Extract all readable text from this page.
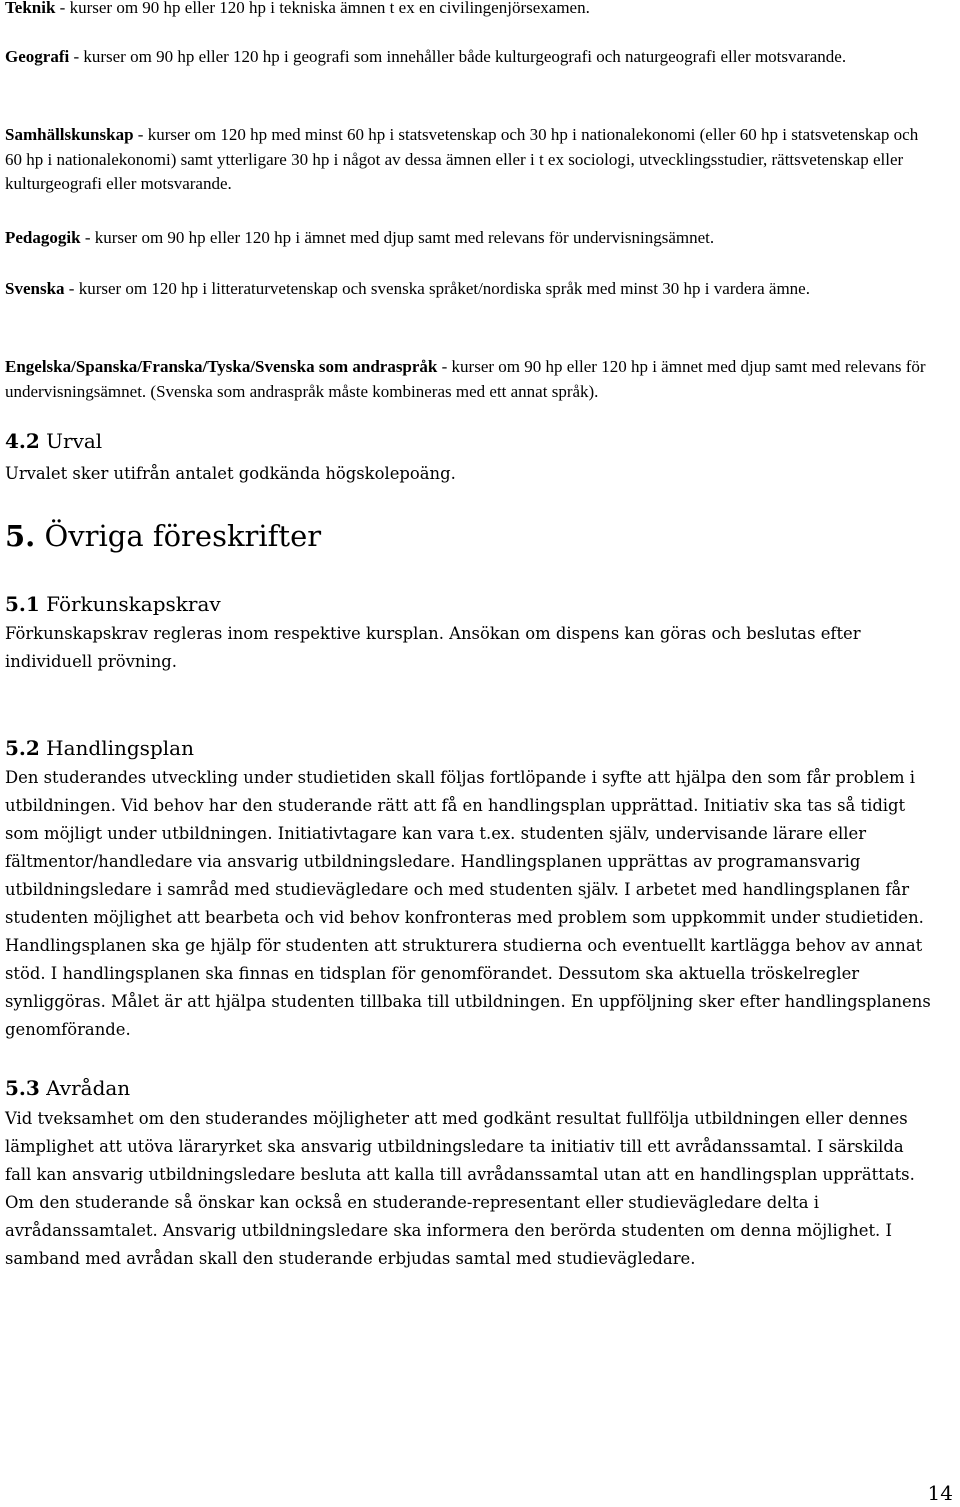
Teknik - kurser om 90 hp eller 120 hp i tekniska ämnen t ex en civilingenjörsexamen.

Geografi - kurser om 90 hp eller 120 hp i geografi som innehåller både kulturgeografi och naturgeografi eller motsvarande.

Samhällskunskap - kurser om 120 hp med minst 60 hp i statsvetenskap och 30 hp i nationalekonomi (eller 60 hp i statsvetenskap och 60 hp i nationalekonomi) samt ytterligare 30 hp i något av dessa ämnen eller i t ex sociologi, utvecklingsstudier, rättsvetenskap eller kulturgeografi eller motsvarande.

Pedagogik - kurser om 90 hp eller 120 hp i ämnet med djup samt med relevans för undervisningsämnet.

Svenska - kurser om 120 hp i litteraturvetenskap och svenska språket/nordiska språk med minst 30 hp i vardera ämne.

Engelska/Spanska/Franska/Tyska/Svenska som andraspråk - kurser om 90 hp eller 120 hp i ämnet med djup samt med relevans för undervisningsämnet. (Svenska som andraspråk måste kombineras med ett annat språk).

4.2 Urval

Urvalet sker utifrån antalet godkända högskolepoäng.

5. Övriga föreskrifter
5.1 Förkunskapskrav

Förkunskapskrav regleras inom respektive kursplan. Ansökan om dispens kan göras och beslutas efter individuell prövning.

5.2 Handlingsplan

Den studerandes utveckling under studietiden skall följas fortlöpande i syfte att hjälpa den som får problem i utbildningen. Vid behov har den studerande rätt att få en handlingsplan upprättad. Initiativ ska tas så tidigt som möjligt under utbildningen. Initiativtagare kan vara t.ex. studenten själv, undervisande lärare eller fältmentor/handledare via ansvarig utbildningsledare. Handlingsplanen upprättas av programansvarig utbildningsledare i samråd med studievägledare och med studenten själv. I arbetet med handlingsplanen får studenten möjlighet att bearbeta och vid behov konfronteras med problem som uppkommit under studietiden. Handlingsplanen ska ge hjälp för studenten att strukturera studierna och eventuellt kartlägga behov av annat stöd. I handlingsplanen ska finnas en tidsplan för genomförandet. Dessutom ska aktuella tröskelregler synliggöras. Målet är att hjälpa studenten tillbaka till utbildningen. En uppföljning sker efter handlingsplanens genomförande.

5.3 Avrådan

Vid tveksamhet om den studerandes möjligheter att med godkänt resultat fullfölja utbildningen eller dennes lämplighet att utöva läraryrket ska ansvarig utbildningsledare ta initiativ till ett avrådanssamtal. I särskilda fall kan ansvarig utbildningsledare besluta att kalla till avrådanssamtal utan att en handlingsplan upprättats. Om den studerande så önskar kan också en studerande-representant eller studievägledare delta i avrådanssamtalet. Ansvarig utbildningsledare ska informera den berörda studenten om denna möjlighet. I samband med avrådan skall den studerande erbjudas samtal med studievägledare.

14
